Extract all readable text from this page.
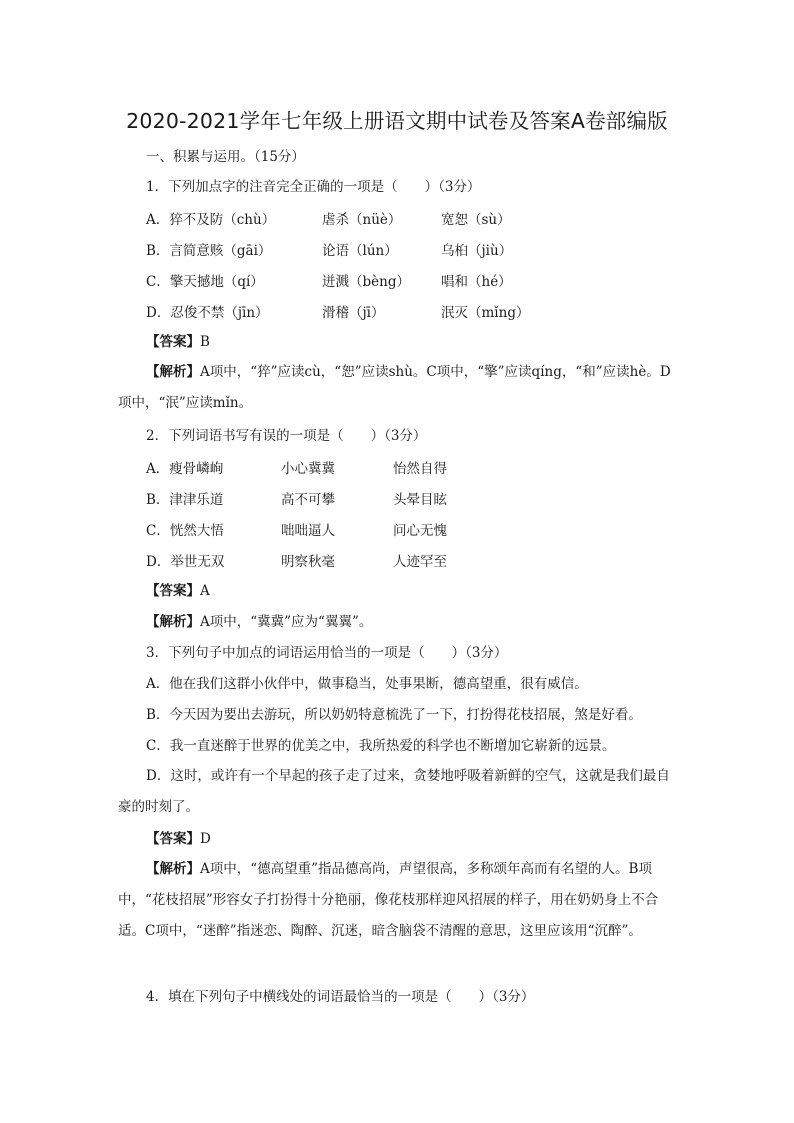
2020-2021学年七年级上册语文期中试卷及答案A卷部编版
一、积累与运用。（15分）
1．下列加点字的注音完全正确的一项是（　　）（3分）
A．猝不及防（chù）	虐杀（nüè）	宽恕（sù）
B．言简意赅（gāi）	论语（lún）	乌桕（jiù）
C．擎天撼地（qí）	迸溅（bèng） 唱和（hé）
D．忍俊不禁（jīn）	滑稽（jī）	泯灭（mǐng）
【答案】B
【解析】A项中，“猝”应读cù，“恕”应读shù。C项中，“擎”应读qíng，“和”应读hè。D项中，“泯”应读mǐn。
2．下列词语书写有误的一项是（　　）（3分）
A．瘦骨嶙峋	小心冀冀	怡然自得
B．津津乐道	高不可攀	头晕目眩
C．恍然大悟	咄咄逼人	问心无愧
D．举世无双	明察秋毫	人迹罕至
【答案】A
【解析】A项中，“冀冀”应为“翼翼”。
3．下列句子中加点的词语运用恰当的一项是（　　）（3分）
A．他在我们这群小伙伴中，做事稳当，处事果断，德高望重，很有威信。
B．今天因为要出去游玩，所以奶奶特意梳洗了一下，打扮得花枝招展，煞是好看。
C．我一直迷醉于世界的优美之中，我所热爱的科学也不断增加它崭新的远景。
D．这时，或许有一个早起的孩子走了过来，贪婪地呼吸着新鲜的空气，这就是我们最自豪的时刻了。
【答案】D
【解析】A项中，“德高望重”指品德高尚，声望很高，多称颂年高而有名望的人。B项中，“花枝招展”形容女子打扮得十分艳丽，像花枝那样迎风招展的样子，用在奶奶身上不合适。C项中，“迷醉”指迷恋、陶醉、沉迷，暗含脑袋不清醒的意思，这里应该用“沉醉”。
4．填在下列句子中横线处的词语最恰当的一项是（　　）（3分）
